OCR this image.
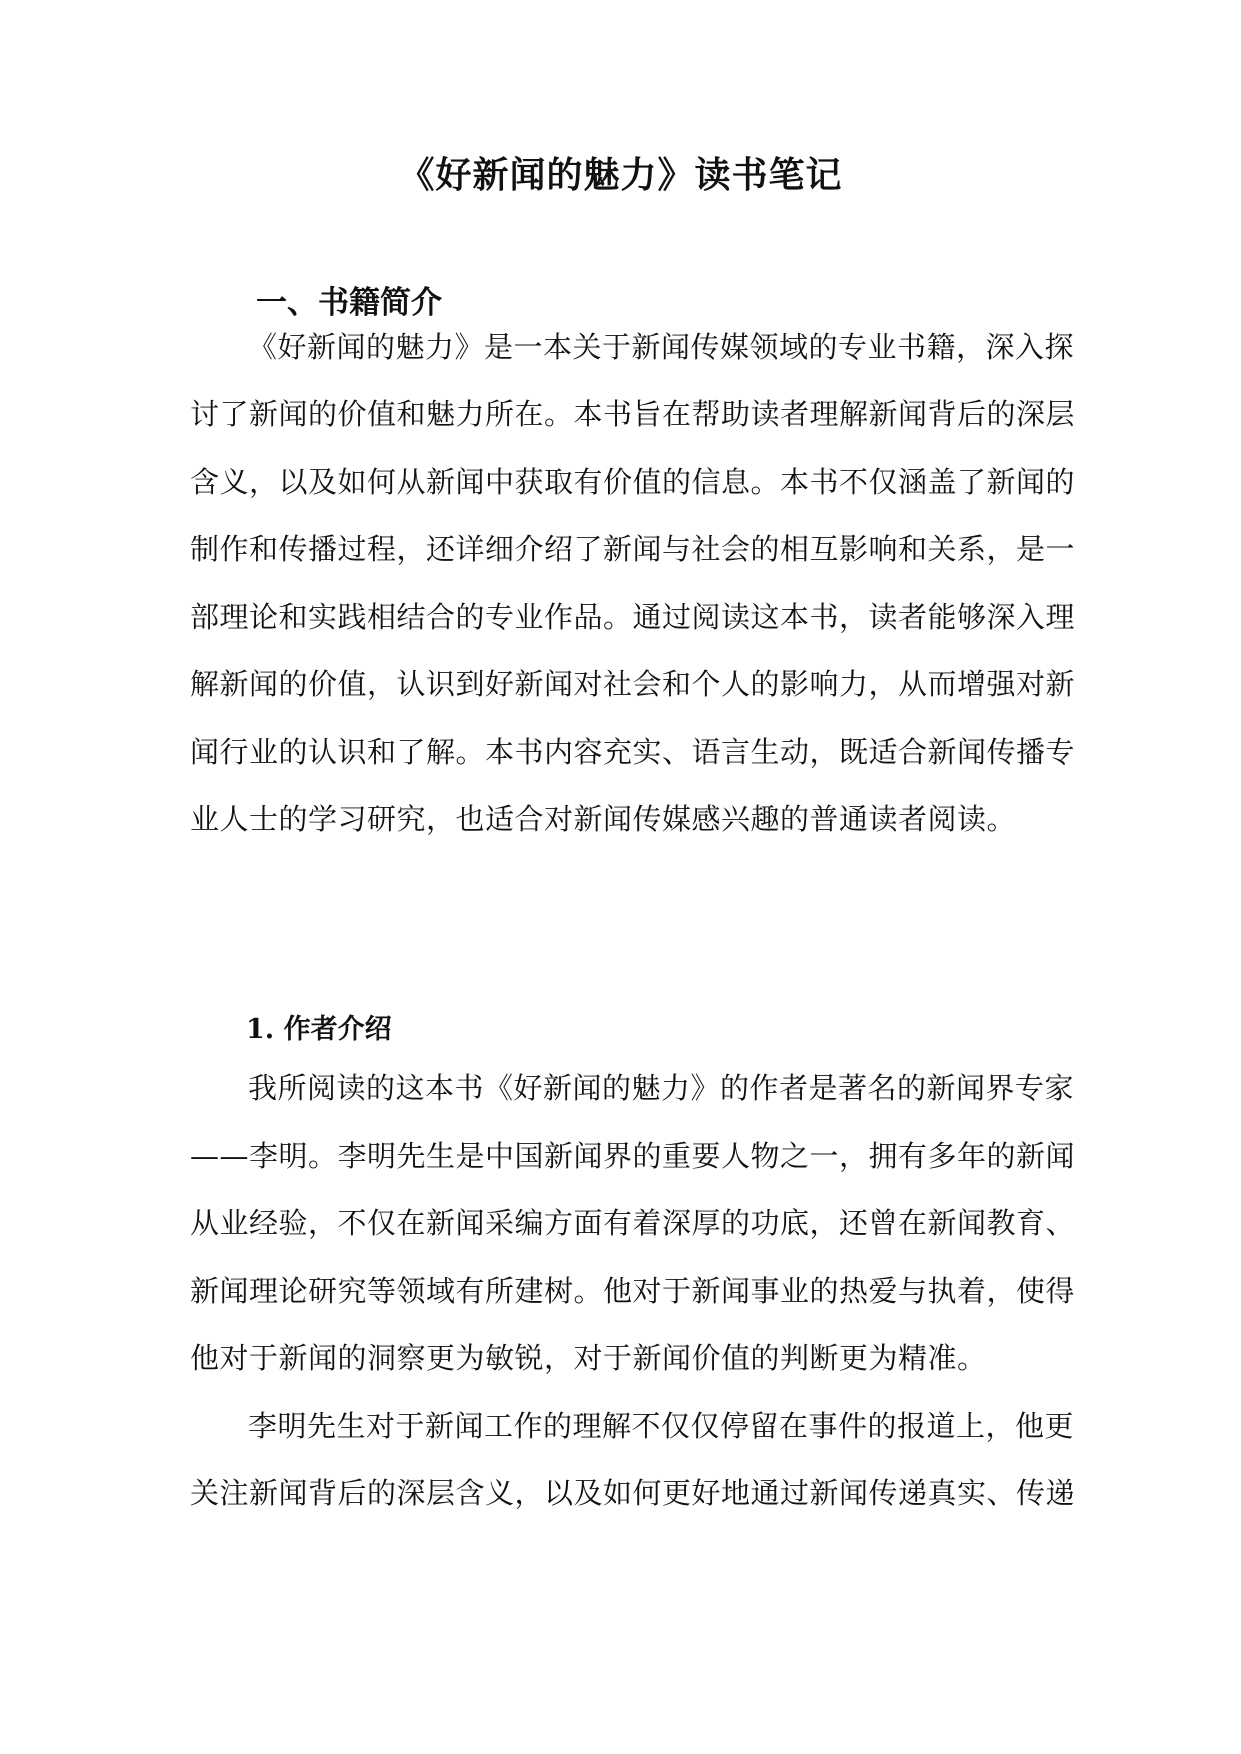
《好新闻的魅力》读书笔记
一、书籍简介
《好新闻的魅力》是一本关于新闻传媒领域的专业书籍，深入探
讨了新闻的价值和魅力所在。本书旨在帮助读者理解新闻背后的深层
含义，以及如何从新闻中获取有价值的信息。本书不仅涵盖了新闻的
制作和传播过程，还详细介绍了新闻与社会的相互影响和关系，是一
部理论和实践相结合的专业作品。通过阅读这本书，读者能够深入理
解新闻的价值，认识到好新闻对社会和个人的影响力，从而增强对新
闻行业的认识和了解。本书内容充实、语言生动，既适合新闻传播专
业人士的学习研究，也适合对新闻传媒感兴趣的普通读者阅读。
1. 作者介绍
我所阅读的这本书《好新闻的魅力》的作者是著名的新闻界专家
——李明。李明先生是中国新闻界的重要人物之一，拥有多年的新闻
从业经验，不仅在新闻采编方面有着深厚的功底，还曾在新闻教育、
新闻理论研究等领域有所建树。他对于新闻事业的热爱与执着，使得
他对于新闻的洞察更为敏锐，对于新闻价值的判断更为精准。
李明先生对于新闻工作的理解不仅仅停留在事件的报道上，他更
关注新闻背后的深层含义，以及如何更好地通过新闻传递真实、传递
